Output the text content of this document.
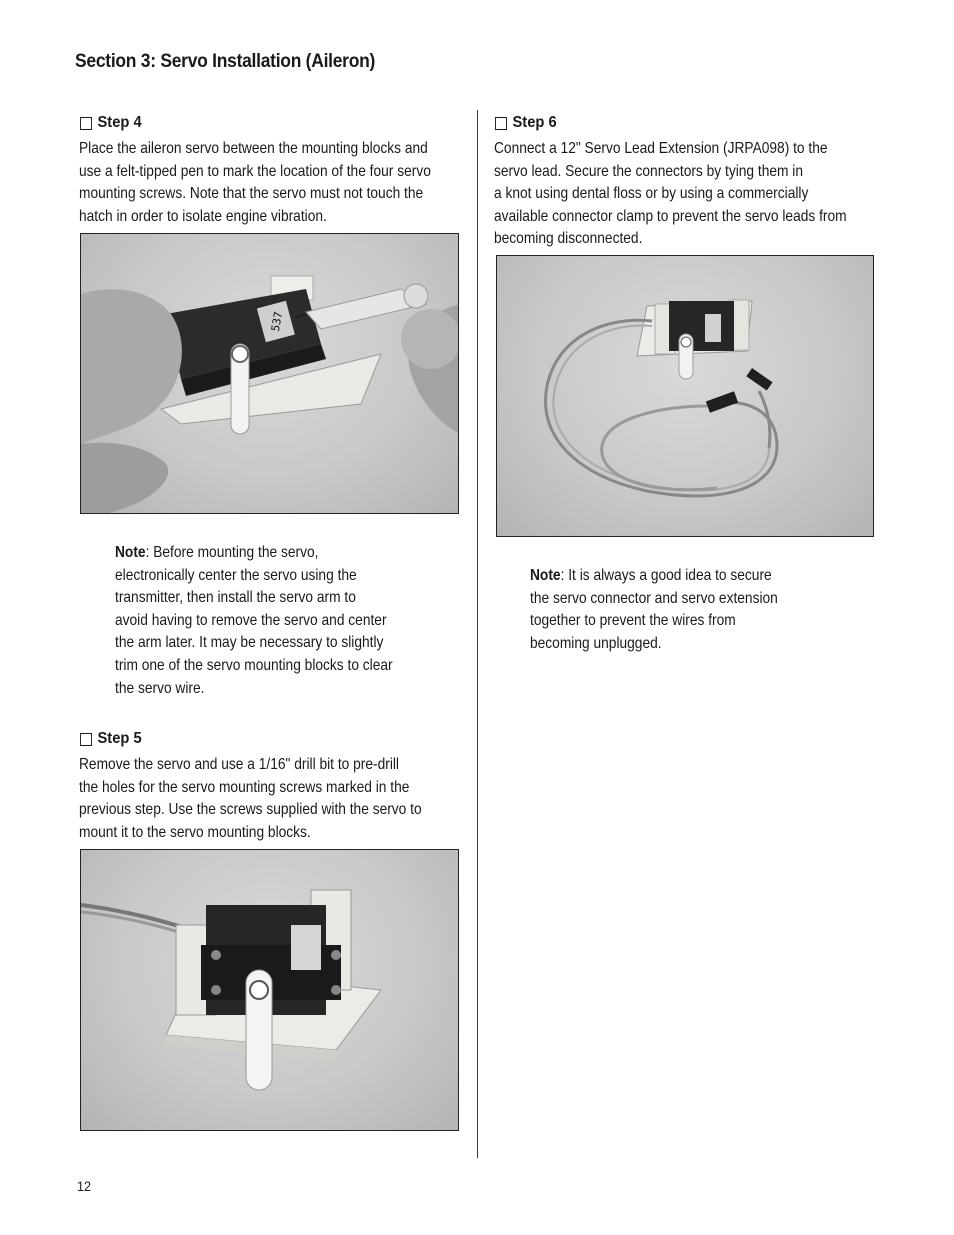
Section 3: Servo Installation (Aileron)
Step 4
Place the aileron servo between the mounting blocks and
use a felt-tipped pen to mark the location of the four servo
mounting screws. Note that the servo must not touch the
hatch in order to isolate engine vibration.
537
Note: Before mounting the servo,
electronically center the servo using the
transmitter, then install the servo arm to
avoid having to remove the servo and center
the arm later. It may be necessary to slightly
trim one of the servo mounting blocks to clear
the servo wire.
Step 5
Remove the servo and use a 1/16" drill bit to pre-drill
the holes for the servo mounting screws marked in the
previous step. Use the screws supplied with the servo to
mount it to the servo mounting blocks.
Step 6
Connect a 12" Servo Lead Extension (JRPA098) to the
servo lead. Secure the connectors by tying them in
a knot using dental floss or by using a commercially
available connector clamp to prevent the servo leads from
becoming disconnected.
Note: It is always a good idea to secure
the servo connector and servo extension
together to prevent the wires from
becoming unplugged.
12
